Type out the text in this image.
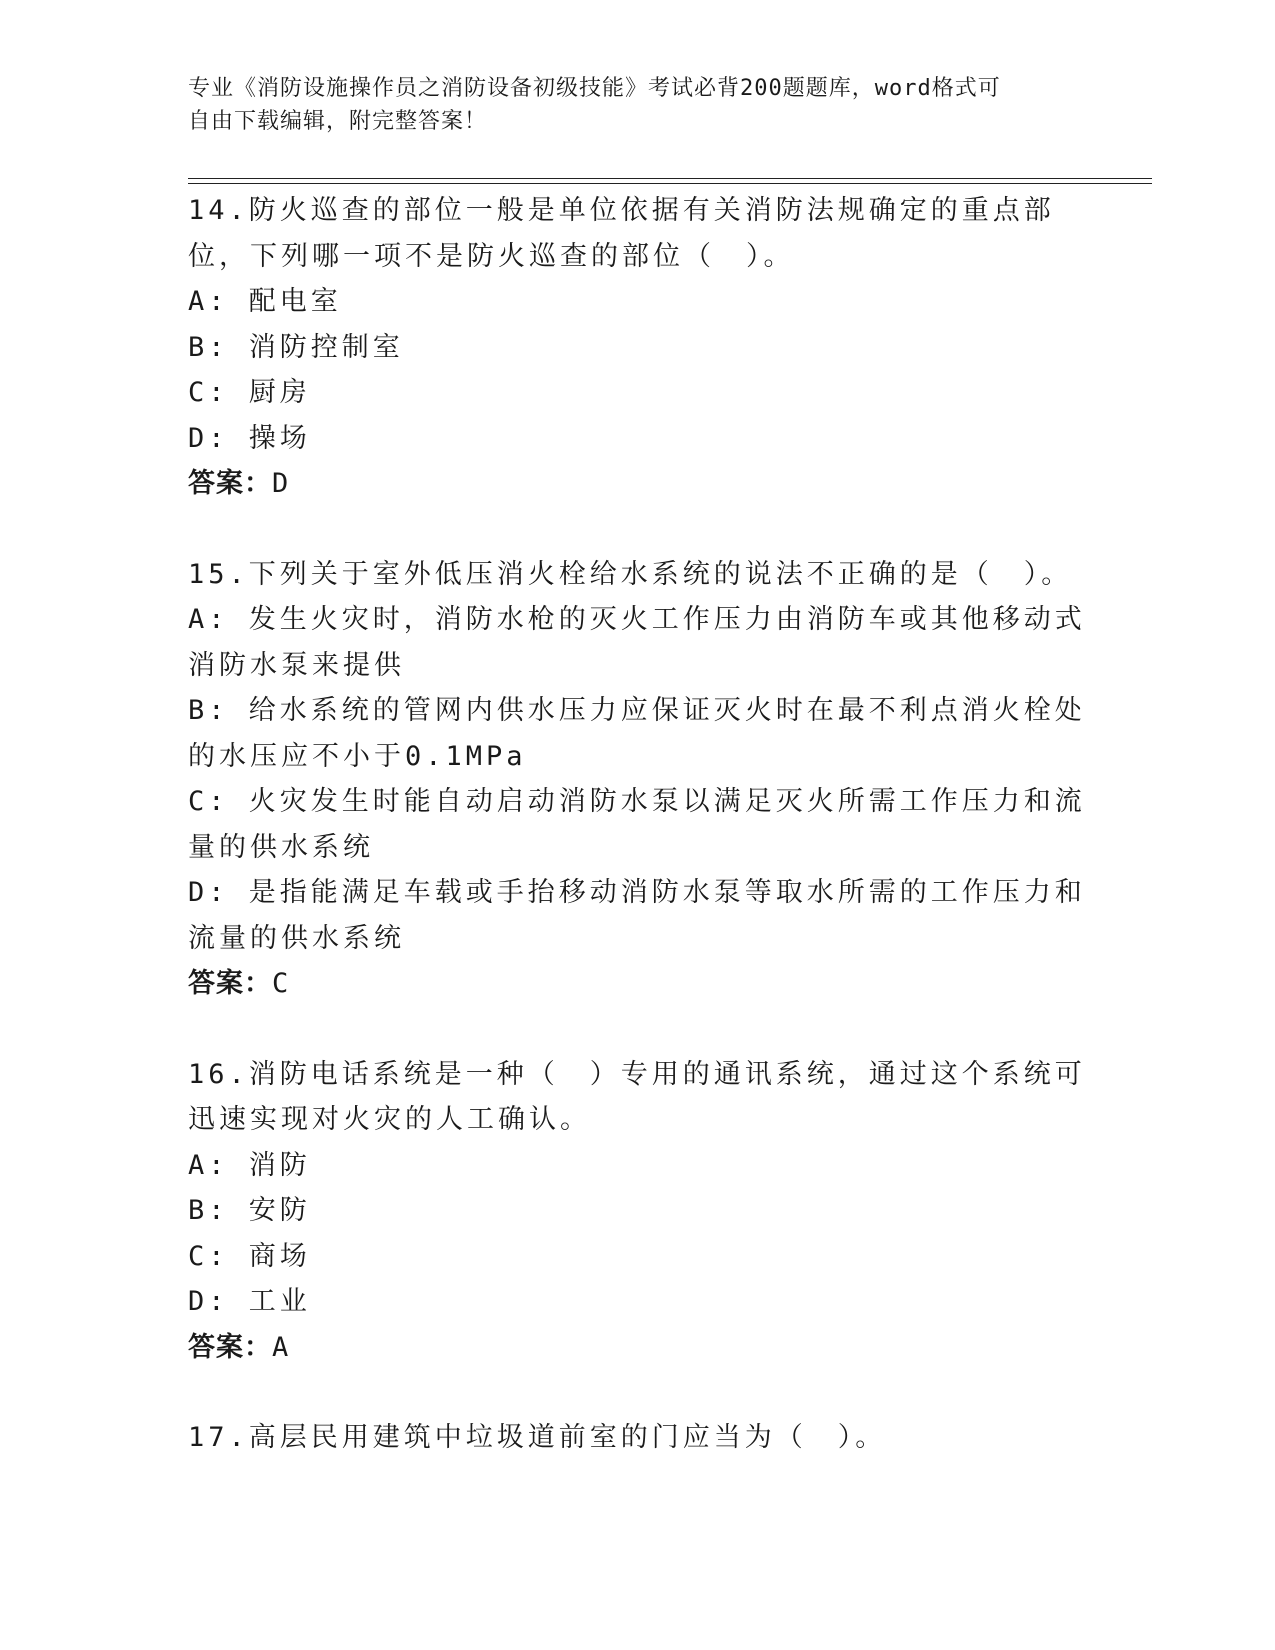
专业《消防设施操作员之消防设备初级技能》考试必背200题题库，word格式可
自由下载编辑，附完整答案！

14.防火巡查的部位一般是单位依据有关消防法规确定的重点部位，下列哪一项不是防火巡查的部位（　）。

A: 配电室

B: 消防控制室

C: 厨房

D: 操场

答案：D

15.下列关于室外低压消火栓给水系统的说法不正确的是（　）。

A: 发生火灾时，消防水枪的灭火工作压力由消防车或其他移动式消防水泵来提供

B: 给水系统的管网内供水压力应保证灭火时在最不利点消火栓处的水压应不小于0.1MPa

C: 火灾发生时能自动启动消防水泵以满足灭火所需工作压力和流量的供水系统

D: 是指能满足车载或手抬移动消防水泵等取水所需的工作压力和流量的供水系统

答案：C

16.消防电话系统是一种（　）专用的通讯系统，通过这个系统可迅速实现对火灾的人工确认。

A: 消防

B: 安防

C: 商场

D: 工业

答案：A

17.高层民用建筑中垃圾道前室的门应当为（　）。
